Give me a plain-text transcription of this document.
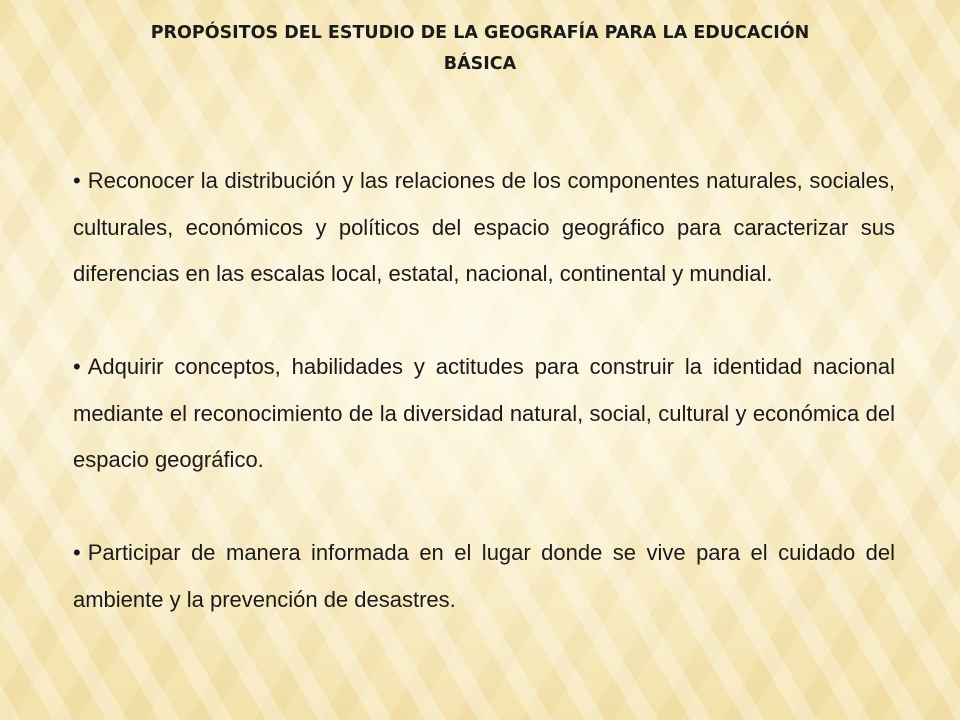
PROPÓSITOS DEL ESTUDIO DE LA GEOGRAFÍA PARA LA EDUCACIÓN
BÁSICA
• Reconocer la distribución y las relaciones de los componentes naturales, sociales, culturales, económicos y políticos del espacio geográfico para caracterizar sus diferencias en las escalas local, estatal, nacional, continental y mundial.
• Adquirir conceptos, habilidades y actitudes para construir la identidad nacional mediante el reconocimiento de la diversidad natural, social, cultural y económica del espacio geográfico.
• Participar de manera informada en el lugar donde se vive para el cuidado del ambiente y la prevención de desastres.
